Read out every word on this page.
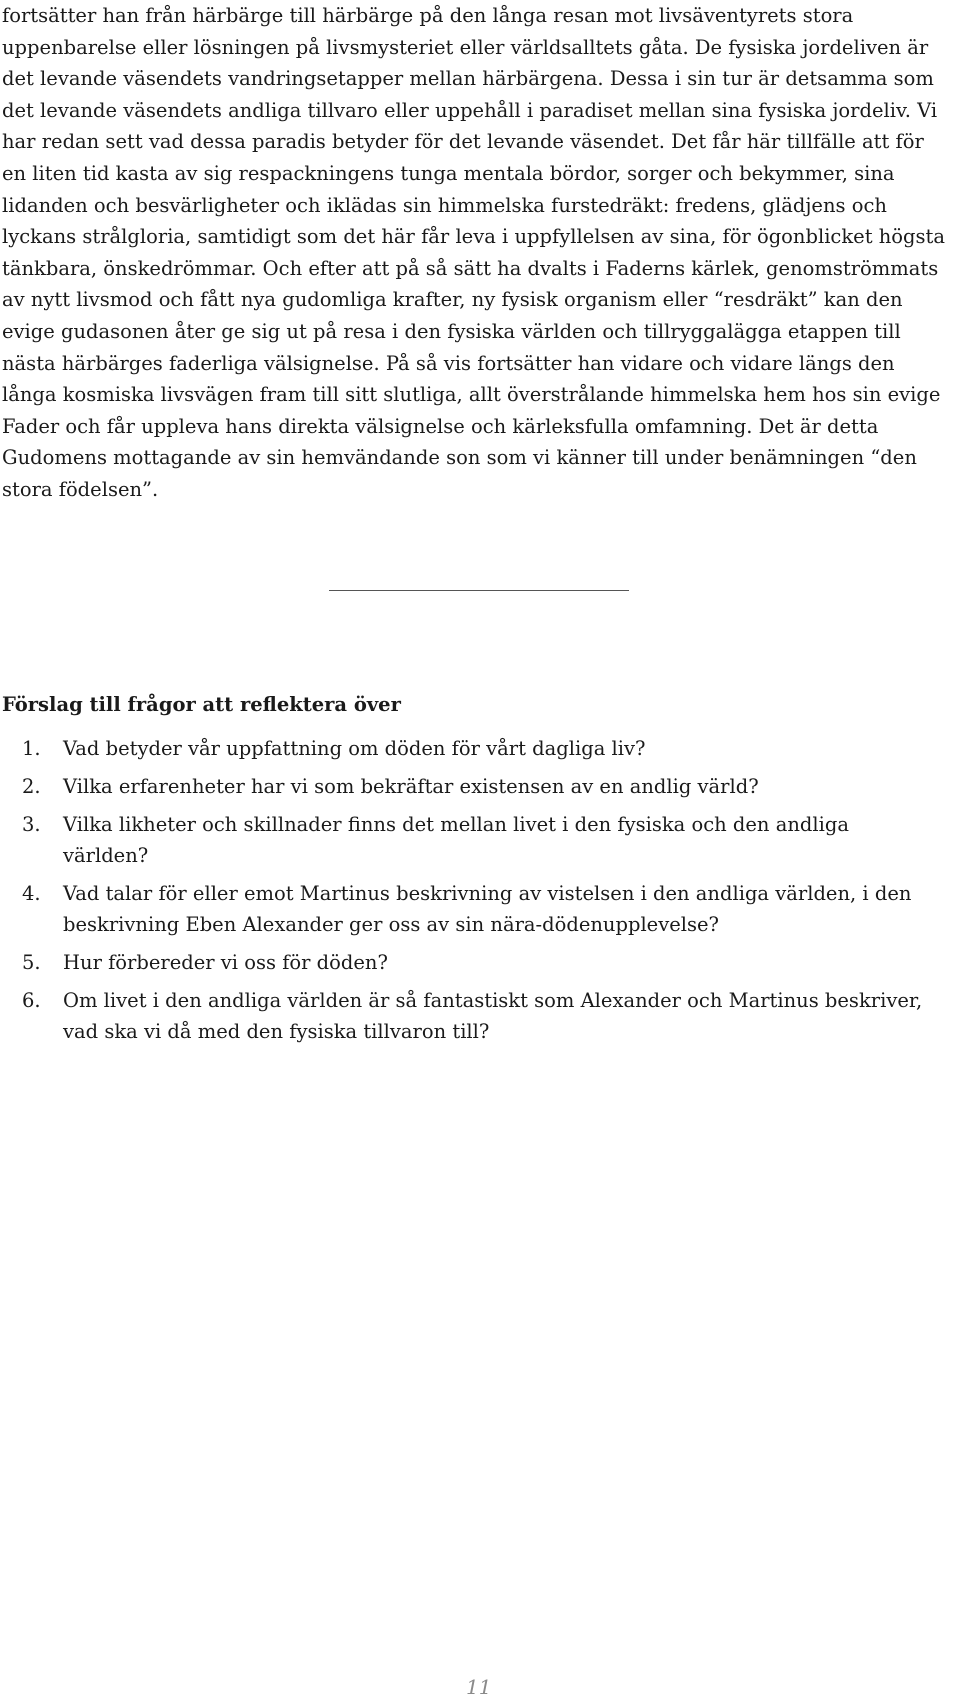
fortsätter han från härbärge till härbärge på den långa resan mot livsäventyrets stora uppenbarelse eller lösningen på livsmysteriet eller världsalltets gåta. De fysiska jordeliven är det levande väsendets vandringsetapper mellan härbärgena. Dessa i sin tur är detsamma som det levande väsendets andliga tillvaro eller uppehåll i paradiset mellan sina fysiska jordeliv. Vi har redan sett vad dessa paradis betyder för det levande väsendet. Det får här tillfälle att för en liten tid kasta av sig respackningens tunga mentala bördor, sorger och bekymmer, sina lidanden och besvärligheter och iklädas sin himmelska furstedräkt: fredens, glädjens och lyckans strålgloria, samtidigt som det här får leva i uppfyllelsen av sina, för ögonblicket högsta tänkbara, önskedrömmar. Och efter att på så sätt ha dvalts i Faderns kärlek, genomströmmats av nytt livsmod och fått nya gudomliga krafter, ny fysisk organism eller “resdräkt” kan den evige gudasonen åter ge sig ut på resa i den fysiska världen och tillryggalägga etappen till nästa härbärges faderliga välsignelse. På så vis fortsätter han vidare och vidare längs den långa kosmiska livsvägen fram till sitt slutliga, allt överstrålande himmelska hem hos sin evige Fader och får uppleva hans direkta välsignelse och kärleksfulla omfamning. Det är detta Gudomens mottagande av sin hemvändande son som vi känner till under benämningen “den stora födelsen”.

Förslag till frågor att reflektera över
1. Vad betyder vår uppfattning om döden för vårt dagliga liv?
2. Vilka erfarenheter har vi som bekräftar existensen av en andlig värld?
3. Vilka likheter och skillnader finns det mellan livet i den fysiska och den andliga världen?
4. Vad talar för eller emot Martinus beskrivning av vistelsen i den andliga världen, i den beskrivning Eben Alexander ger oss av sin nära-dödenupplevelse?
5. Hur förbereder vi oss för döden?
6. Om livet i den andliga världen är så fantastiskt som Alexander och Martinus beskriver, vad ska vi då med den fysiska tillvaron till?
11
